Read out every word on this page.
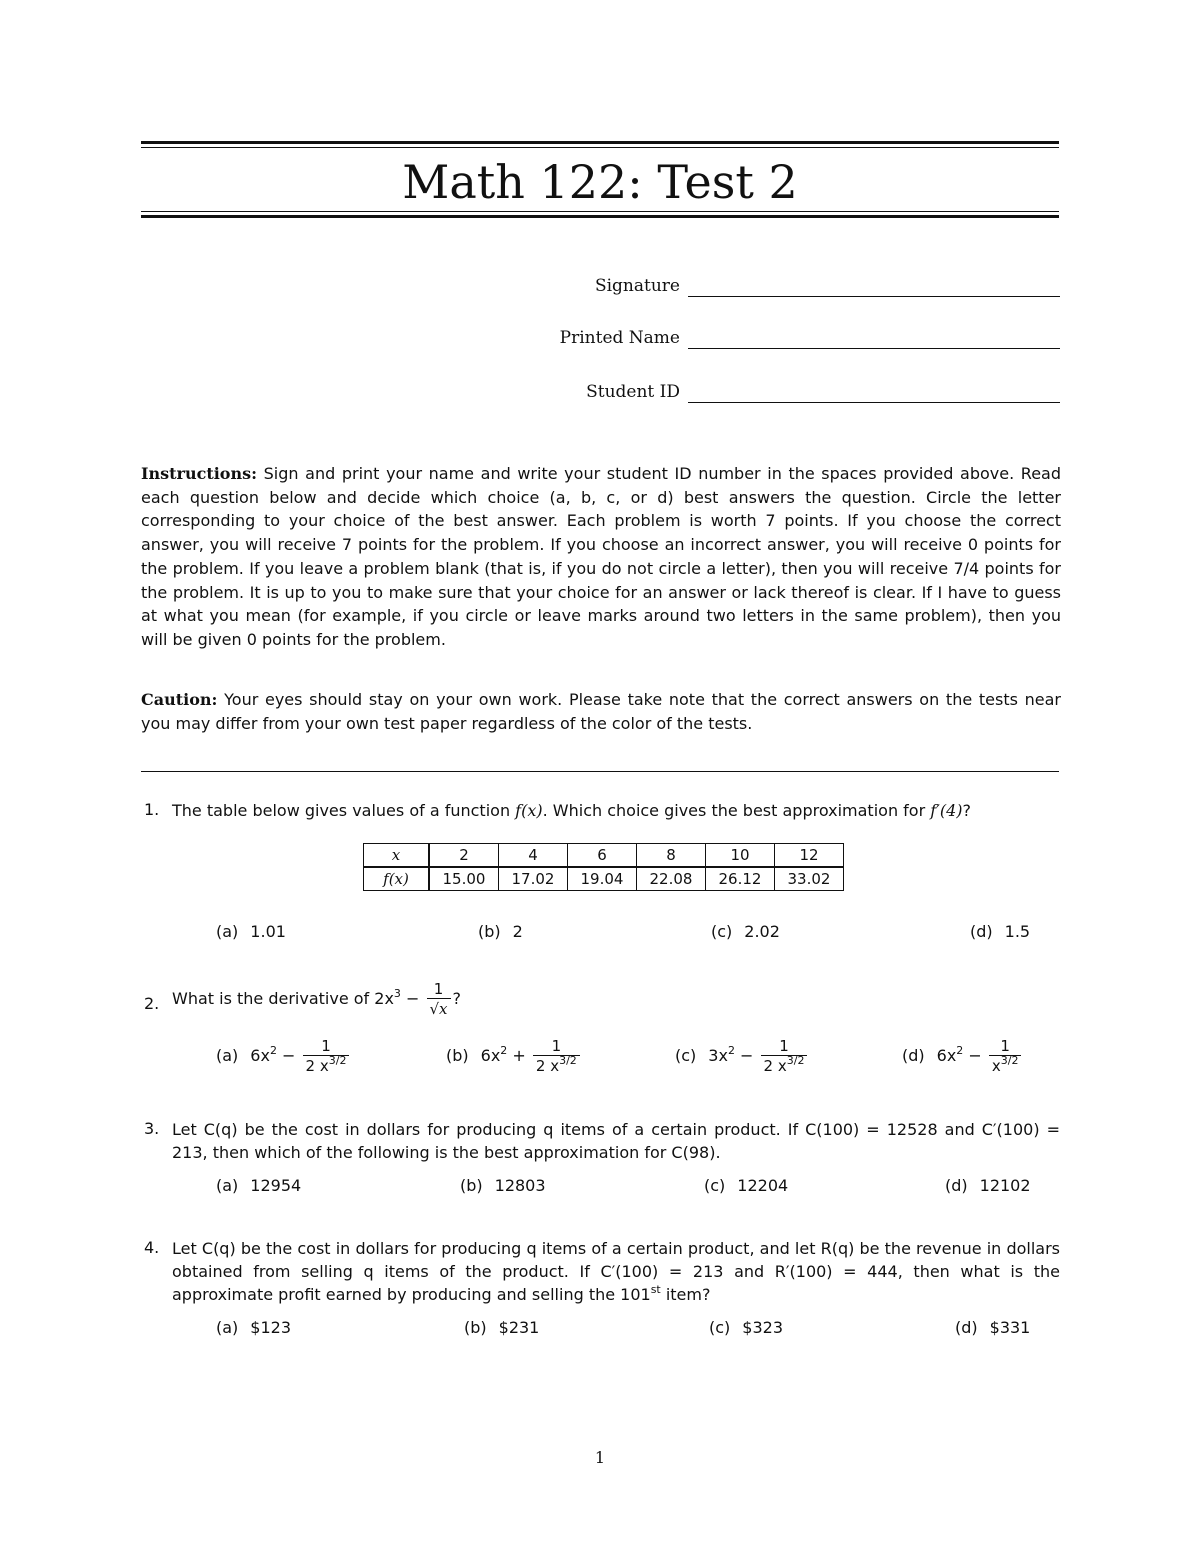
Math 122: Test 2
Signature
Printed Name
Student ID
Instructions: Sign and print your name and write your student ID number in the spaces provided above. Read each question below and decide which choice (a, b, c, or d) best answers the question. Circle the letter corresponding to your choice of the best answer. Each problem is worth 7 points. If you choose the correct answer, you will receive 7 points for the problem. If you choose an incorrect answer, you will receive 0 points for the problem. If you leave a problem blank (that is, if you do not circle a letter), then you will receive 7/4 points for the problem. It is up to you to make sure that your choice for an answer or lack thereof is clear. If I have to guess at what you mean (for example, if you circle or leave marks around two letters in the same problem), then you will be given 0 points for the problem.
Caution: Your eyes should stay on your own work. Please take note that the correct answers on the tests near you may differ from your own test paper regardless of the color of the tests.
1. The table below gives values of a function f(x). Which choice gives the best approximation for f′(4)?
x	2	4	6	8	10	12
f(x)	15.00	17.02	19.04	22.08	26.12	33.02
(a) 1.01	(b) 2	(c) 2.02	(d) 1.5
2. What is the derivative of $2x^3 - \frac{1}{√x}$ ?
(a) $6x^2 - \frac{1}{2 x^{3/2}}$	(b) $6x^2 + \frac{1}{2 x^{3/2}}$	(c) $3x^2 - \frac{1}{2 x^{3/2}}$	(d) $6x^2 - \frac{1}{x^{3/2}}$
3. Let C(q) be the cost in dollars for producing q items of a certain product. If C(100) = 12528 and C′(100) = 213, then which of the following is the best approximation for C(98).
(a) 12954	(b) 12803	(c) 12204	(d) 12102
4. Let C(q) be the cost in dollars for producing q items of a certain product, and let R(q) be the revenue in dollars obtained from selling q items of the product. If C′(100) = 213 and R′(100) = 444, then what is the approximate profit earned by producing and selling the 101st item?
(a) $123	(b) $231	(c) $323	(d) $331
1
